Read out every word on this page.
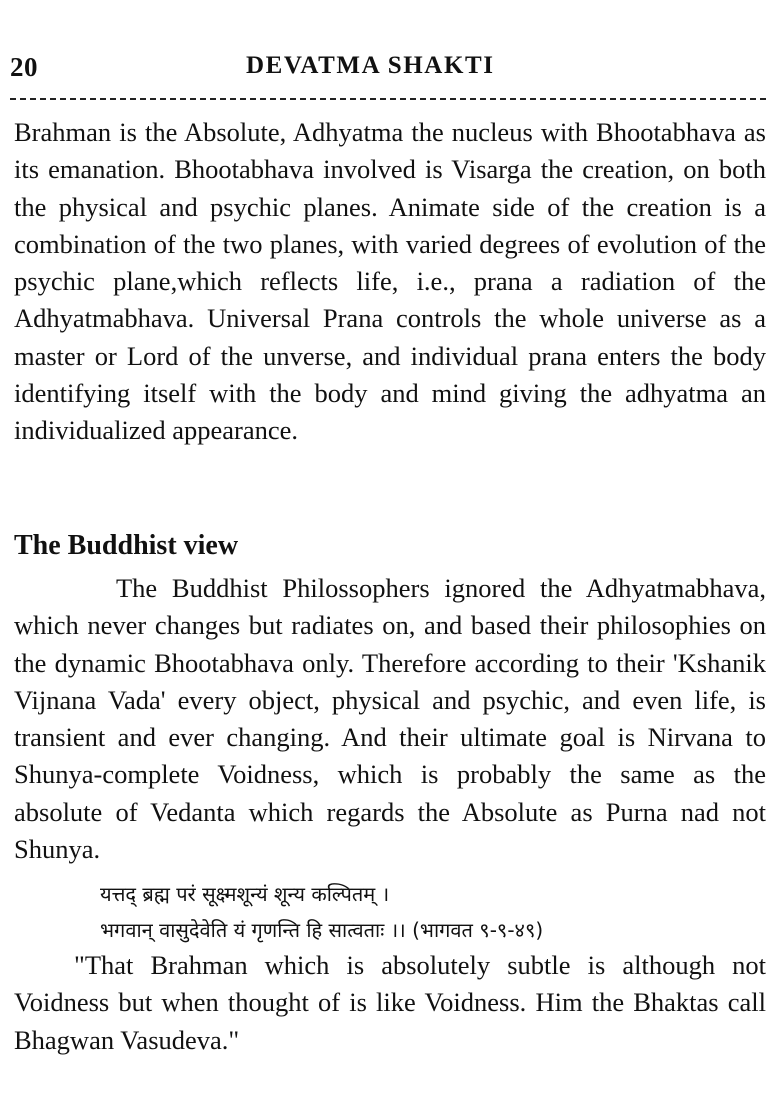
20	DEVATMA SHAKTI

Brahman is the Absolute, Adhyatma the nucleus with Bhootabhava as its emanation. Bhootabhava involved is Visarga the creation, on both the physical and psychic planes. Animate side of the creation is a combination of the two planes, with varied degrees of evolution of the psychic plane,which reflects life, i.e., prana a radiation of the Adhyatmabhava. Universal Prana controls the whole universe as a master or Lord of the unverse, and individual prana enters the body identifying itself with the body and mind giving the adhyatma an individualized appearance.

The Buddhist view

The Buddhist Philossophers ignored the Adhyatmabhava, which never changes but radiates on, and based their philosophies on the dynamic Bhootabhava only. Therefore according to their 'Kshanik Vijnana Vada' every object, physical and psychic, and even life, is transient and ever changing. And their ultimate goal is Nirvana to Shunya-complete Voidness, which is probably the same as the absolute of Vedanta which regards the Absolute as Purna nad not Shunya.

यत्तद् ब्रह्म परं सूक्ष्मशून्यं शून्य कल्पितम् ।
भगवान् वासुदेवेति यं गृणन्ति हि सात्वताः ।। (भागवत ९-९-४९)

"That Brahman which is absolutely subtle is although not Voidness but when thought of is like Voidness. Him the Bhaktas call Bhagwan Vasudeva."
